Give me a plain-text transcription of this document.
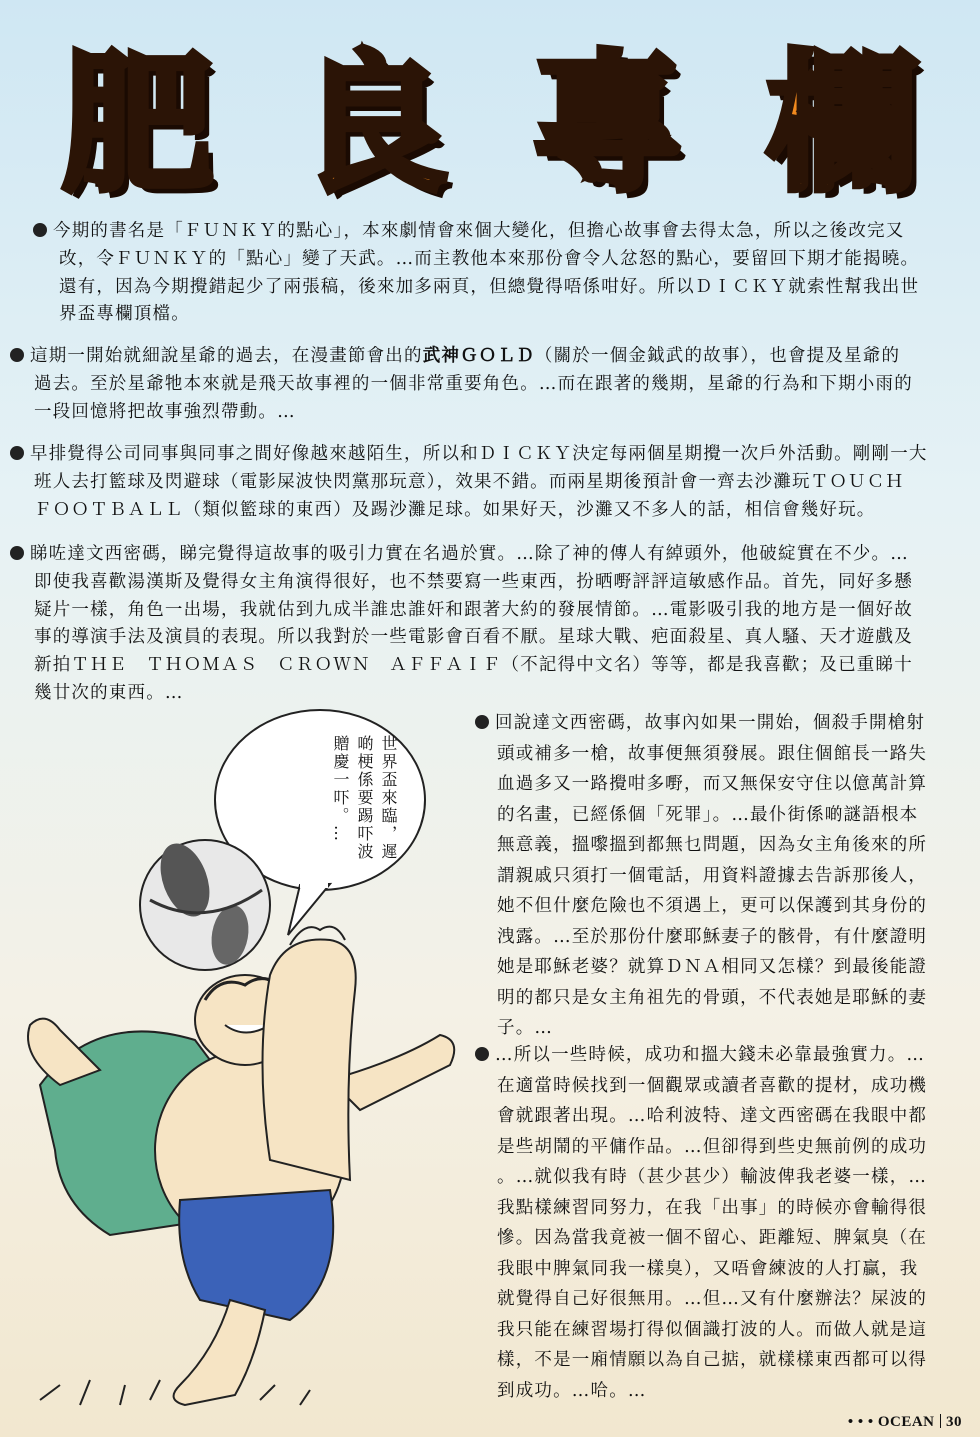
肥 良 專 欄
今期的書名是「ＦＵＮＫＹ的點心」，本來劇情會來個大變化，但擔心故事會去得太急，所以之後改完又
改，令ＦＵＮＫＹ的「點心」變了天武。…而主教他本來那份會令人忿怒的點心，要留回下期才能揭曉。
還有，因為今期攪錯起少了兩張稿，後來加多兩頁，但總覺得唔係咁好。所以ＤＩＣＫＹ就索性幫我出世
界盃專欄頂檔。
這期一開始就細說星爺的過去，在漫畫節會出的武神ＧＯＬＤ（關於一個金鉞武的故事），也會提及星爺的
過去。至於星爺牠本來就是飛天故事裡的一個非常重要角色。…而在跟著的幾期，星爺的行為和下期小雨的
一段回憶將把故事強烈帶動。…
早排覺得公司同事與同事之間好像越來越陌生，所以和ＤＩＣＫＹ決定每兩個星期攪一次戶外活動。剛剛一大
班人去打籃球及閃避球（電影屎波快閃黨那玩意），效果不錯。而兩星期後預計會一齊去沙灘玩ＴＯＵＣＨ
ＦＯＯＴＢＡＬＬ（類似籃球的東西）及踢沙灘足球。如果好天，沙灘又不多人的話，相信會幾好玩。
睇咗達文西密碼，睇完覺得這故事的吸引力實在名過於實。…除了神的傳人有綽頭外，他破綻實在不少。…
即使我喜歡湯漢斯及覺得女主角演得很好，也不禁要寫一些東西，扮晒嘢評評這敏感作品。首先，同好多懸
疑片一樣，角色一出場，我就估到九成半誰忠誰奸和跟著大約的發展情節。…電影吸引我的地方是一個好故
事的導演手法及演員的表現。所以我對於一些電影會百看不厭。星球大戰、疤面殺星、真人騷、天才遊戲及
新拍ＴＨＥ　ＴＨＯＭＡＳ　ＣＲＯＷＮ　ＡＦＦＡＩＦ（不記得中文名）等等，都是我喜歡；及已重睇十
幾廿次的東西。…
回說達文西密碼，故事內如果一開始，個殺手開槍射
頭或補多一槍，故事便無須發展。跟住個館長一路失
血過多又一路攪咁多嘢，而又無保安守住以億萬計算
的名畫，已經係個「死罪」。…最仆街係啲謎語根本
無意義，搵嚟搵到都無乜問題，因為女主角後來的所
謂親戚只須打一個電話，用資料證據去告訴那後人，
她不但什麼危險也不須遇上，更可以保護到其身份的
洩露。…至於那份什麼耶穌妻子的骸骨，有什麼證明
她是耶穌老婆？就算ＤＮＡ相同又怎樣？到最後能證
明的都只是女主角祖先的骨頭，不代表她是耶穌的妻
子。…
…所以一些時候，成功和搵大錢未必靠最強實力。…
在適當時候找到一個觀眾或讀者喜歡的提材，成功機
會就跟著出現。…哈利波特、達文西密碼在我眼中都
是些胡鬧的平傭作品。…但卻得到些史無前例的成功
。…就似我有時（甚少甚少）輸波俾我老婆一樣，…
我點樣練習同努力，在我「出事」的時候亦會輸得很
慘。因為當我竟被一個不留心、距離短、脾氣臭（在
我眼中脾氣同我一樣臭），又唔會練波的人打贏，我
就覺得自己好很無用。…但…又有什麼辦法？屎波的
我只能在練習場打得似個識打波的人。而做人就是這
樣，不是一廂情願以為自己掂，就樣樣東西都可以得
到成功。…哈。…
世界盃來臨，遲啲梗係要踢吓波贈慶一吓。…
• • • OCEAN 30
